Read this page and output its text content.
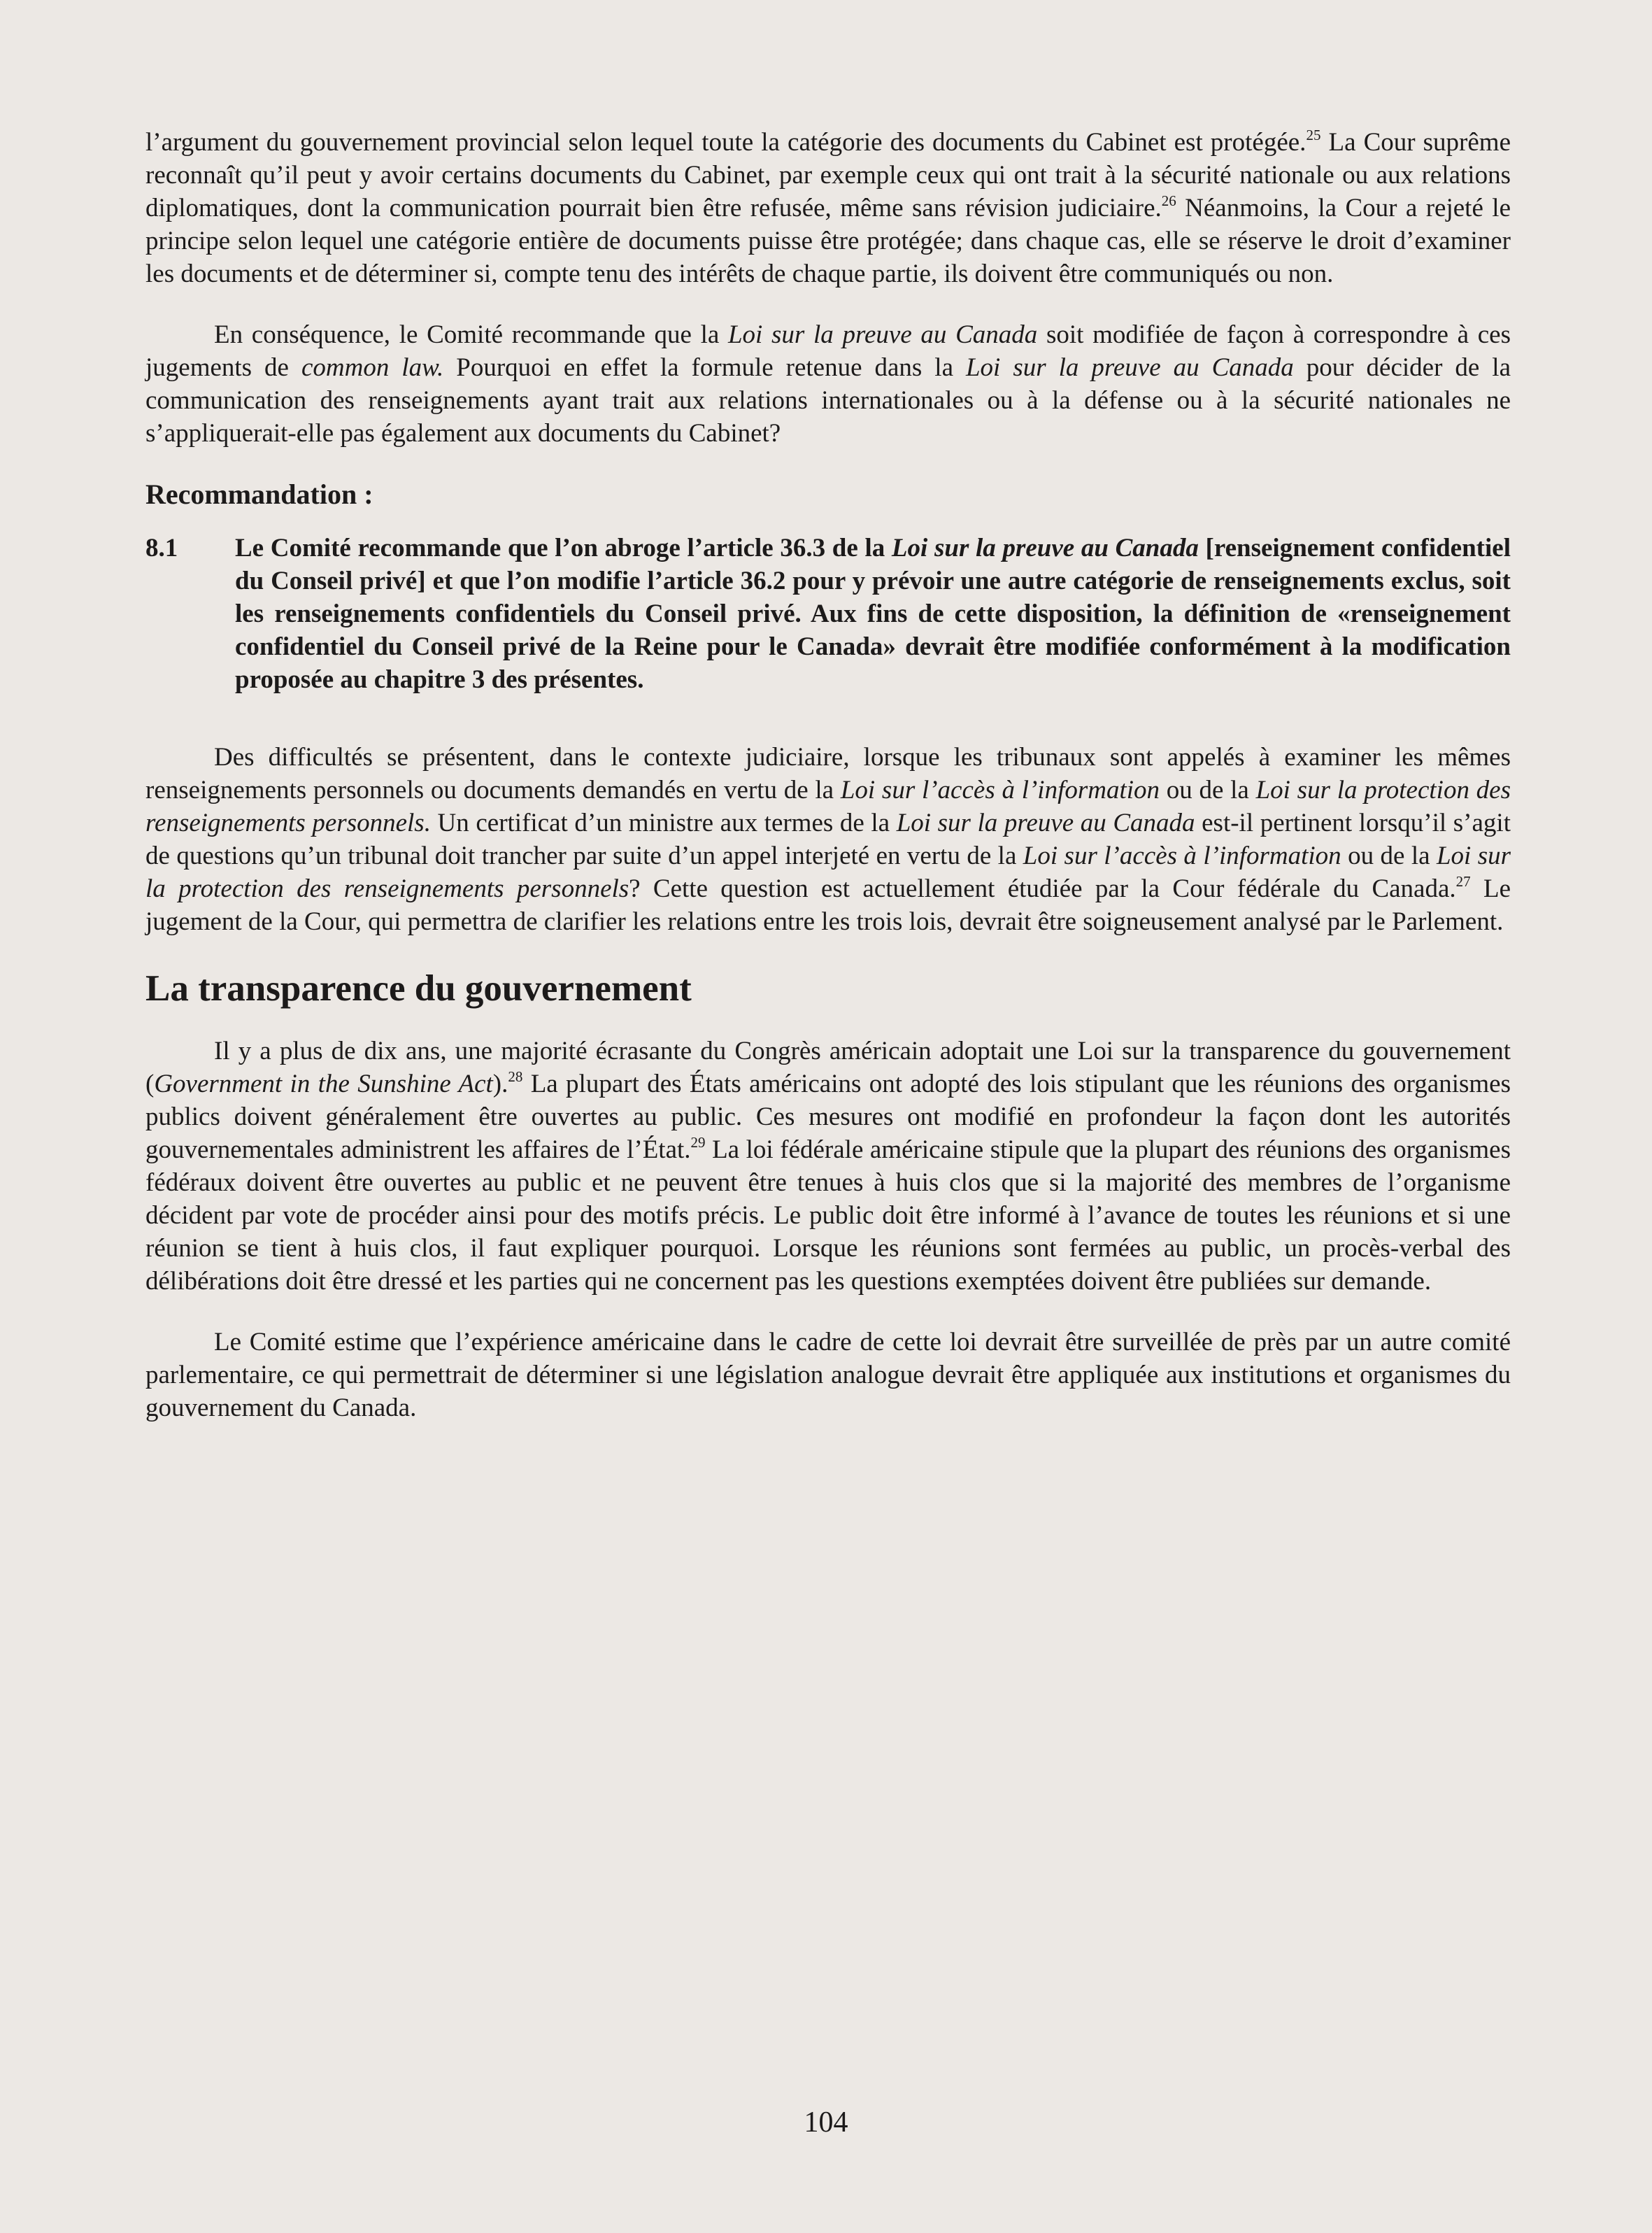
l’argument du gouvernement provincial selon lequel toute la catégorie des documents du Cabinet est protégée.$^{25}$ La Cour suprême reconnaît qu’il peut y avoir certains documents du Cabinet, par exemple ceux qui ont trait à la sécurité nationale ou aux relations diplomatiques, dont la communication pourrait bien être refusée, même sans révision judiciaire.$^{26}$ Néanmoins, la Cour a rejeté le principe selon lequel une catégorie entière de documents puisse être protégée; dans chaque cas, elle se réserve le droit d’examiner les documents et de déterminer si, compte tenu des intérêts de chaque partie, ils doivent être communiqués ou non.

En conséquence, le Comité recommande que la Loi sur la preuve au Canada soit modifiée de façon à correspondre à ces jugements de common law. Pourquoi en effet la formule retenue dans la Loi sur la preuve au Canada pour décider de la communication des renseignements ayant trait aux relations internationales ou à la défense ou à la sécurité nationales ne s’appliquerait-elle pas également aux documents du Cabinet?

Recommandation :
8.1	Le Comité recommande que l’on abroge l’article 36.3 de la Loi sur la preuve au Canada [renseignement confidentiel du Conseil privé] et que l’on modifie l’article 36.2 pour y prévoir une autre catégorie de renseignements exclus, soit les renseignements confidentiels du Conseil privé. Aux fins de cette disposition, la définition de «renseignement confidentiel du Conseil privé de la Reine pour le Canada» devrait être modifiée conformément à la modification proposée au chapitre 3 des présentes.

Des difficultés se présentent, dans le contexte judiciaire, lorsque les tribunaux sont appelés à examiner les mêmes renseignements personnels ou documents demandés en vertu de la Loi sur l’accès à l’information ou de la Loi sur la protection des renseignements personnels. Un certificat d’un ministre aux termes de la Loi sur la preuve au Canada est-il pertinent lorsqu’il s’agit de questions qu’un tribunal doit trancher par suite d’un appel interjeté en vertu de la Loi sur l’accès à l’information ou de la Loi sur la protection des renseignements personnels? Cette question est actuellement étudiée par la Cour fédérale du Canada.$^{27}$ Le jugement de la Cour, qui permettra de clarifier les relations entre les trois lois, devrait être soigneusement analysé par le Parlement.

La transparence du gouvernement

Il y a plus de dix ans, une majorité écrasante du Congrès américain adoptait une Loi sur la transparence du gouvernement (Government in the Sunshine Act).$^{28}$ La plupart des États américains ont adopté des lois stipulant que les réunions des organismes publics doivent généralement être ouvertes au public. Ces mesures ont modifié en profondeur la façon dont les autorités gouvernementales administrent les affaires de l’État.$^{29}$ La loi fédérale américaine stipule que la plupart des réunions des organismes fédéraux doivent être ouvertes au public et ne peuvent être tenues à huis clos que si la majorité des membres de l’organisme décident par vote de procéder ainsi pour des motifs précis. Le public doit être informé à l’avance de toutes les réunions et si une réunion se tient à huis clos, il faut expliquer pourquoi. Lorsque les réunions sont fermées au public, un procès-verbal des délibérations doit être dressé et les parties qui ne concernent pas les questions exemptées doivent être publiées sur demande.

Le Comité estime que l’expérience américaine dans le cadre de cette loi devrait être surveillée de près par un autre comité parlementaire, ce qui permettrait de déterminer si une législation analogue devrait être appliquée aux institutions et organismes du gouvernement du Canada.

104
